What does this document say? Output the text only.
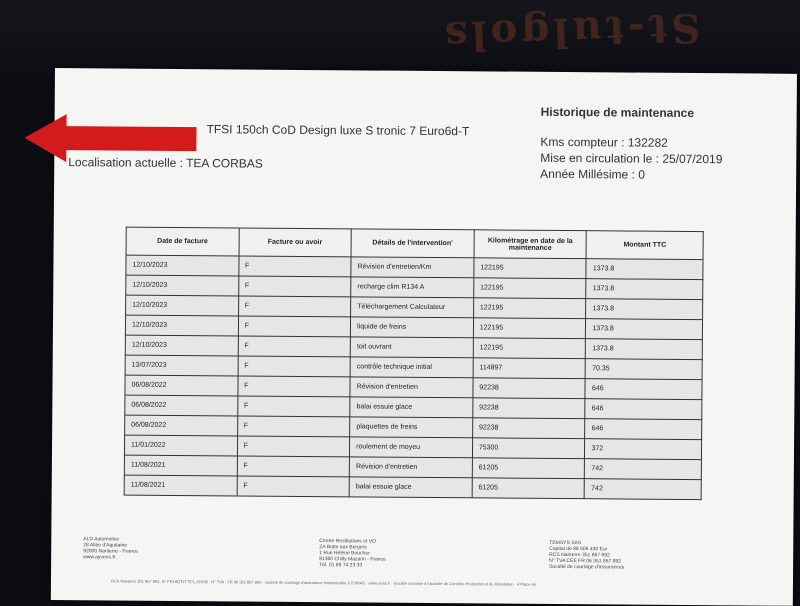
St-tulgols
TFSI 150ch CoD Design luxe S tronic 7 Euro6d-T
Localisation actuelle : TEA CORBAS
Historique de maintenance
Kms compteur : 132282
Mise en circulation le : 25/07/2019
Année Millésime : 0
Date de facture	Facture ou avoir	Détails de l'intervention'	Kilométrage en date de la maintenance	Montant TTC
12/10/2023	F	Révision d'entretien/Km	122195	1373.8
12/10/2023	F	recharge clim R134 A	122195	1373.8
12/10/2023	F	Téléchargement Calculateur	122195	1373.8
12/10/2023	F	liquide de freins	122195	1373.8
12/10/2023	F	toit ouvrant	122195	1373.8
13/07/2023	F	contrôle technique initial	114897	70.35
06/08/2022	F	Révision d'entretien	92238	646
06/08/2022	F	balai essuie glace	92238	646
06/08/2022	F	plaquettes de freins	92238	646
11/01/2022	F	roulement de moyeu	75300	372
11/08/2021	F	Révision d'entretien	61205	742
11/08/2021	F	balai essuie glace	61205	742
ALD Automotive
28 Allée d'Aquitaine
92000 Nanterre - France
www.ayvens.fr
Centre Restitutions et VO
ZA Butte aux Bergers
1 Rue Hélène Boucher
91380 Chilly Mazarin - France
Tél. 01 69 74 23 33
TEMSYS SAS
Capital de 88 606 430 Eur
RCS Nanterre 351 867 892
N° TVA CEE FR 06 351 867 892
Société de courtage d'assurances
RCS Nanterre 351 867 892, N° FR19QTLTTE3_61508 · N° TVA : FR 06 351 867 892 · société de courtage d'assurance immatriculée à l'ORIAS · www.orias.fr · Société soumise à l'autorité de Contrôle Prudentiel et de Résolution · 4 Place de
